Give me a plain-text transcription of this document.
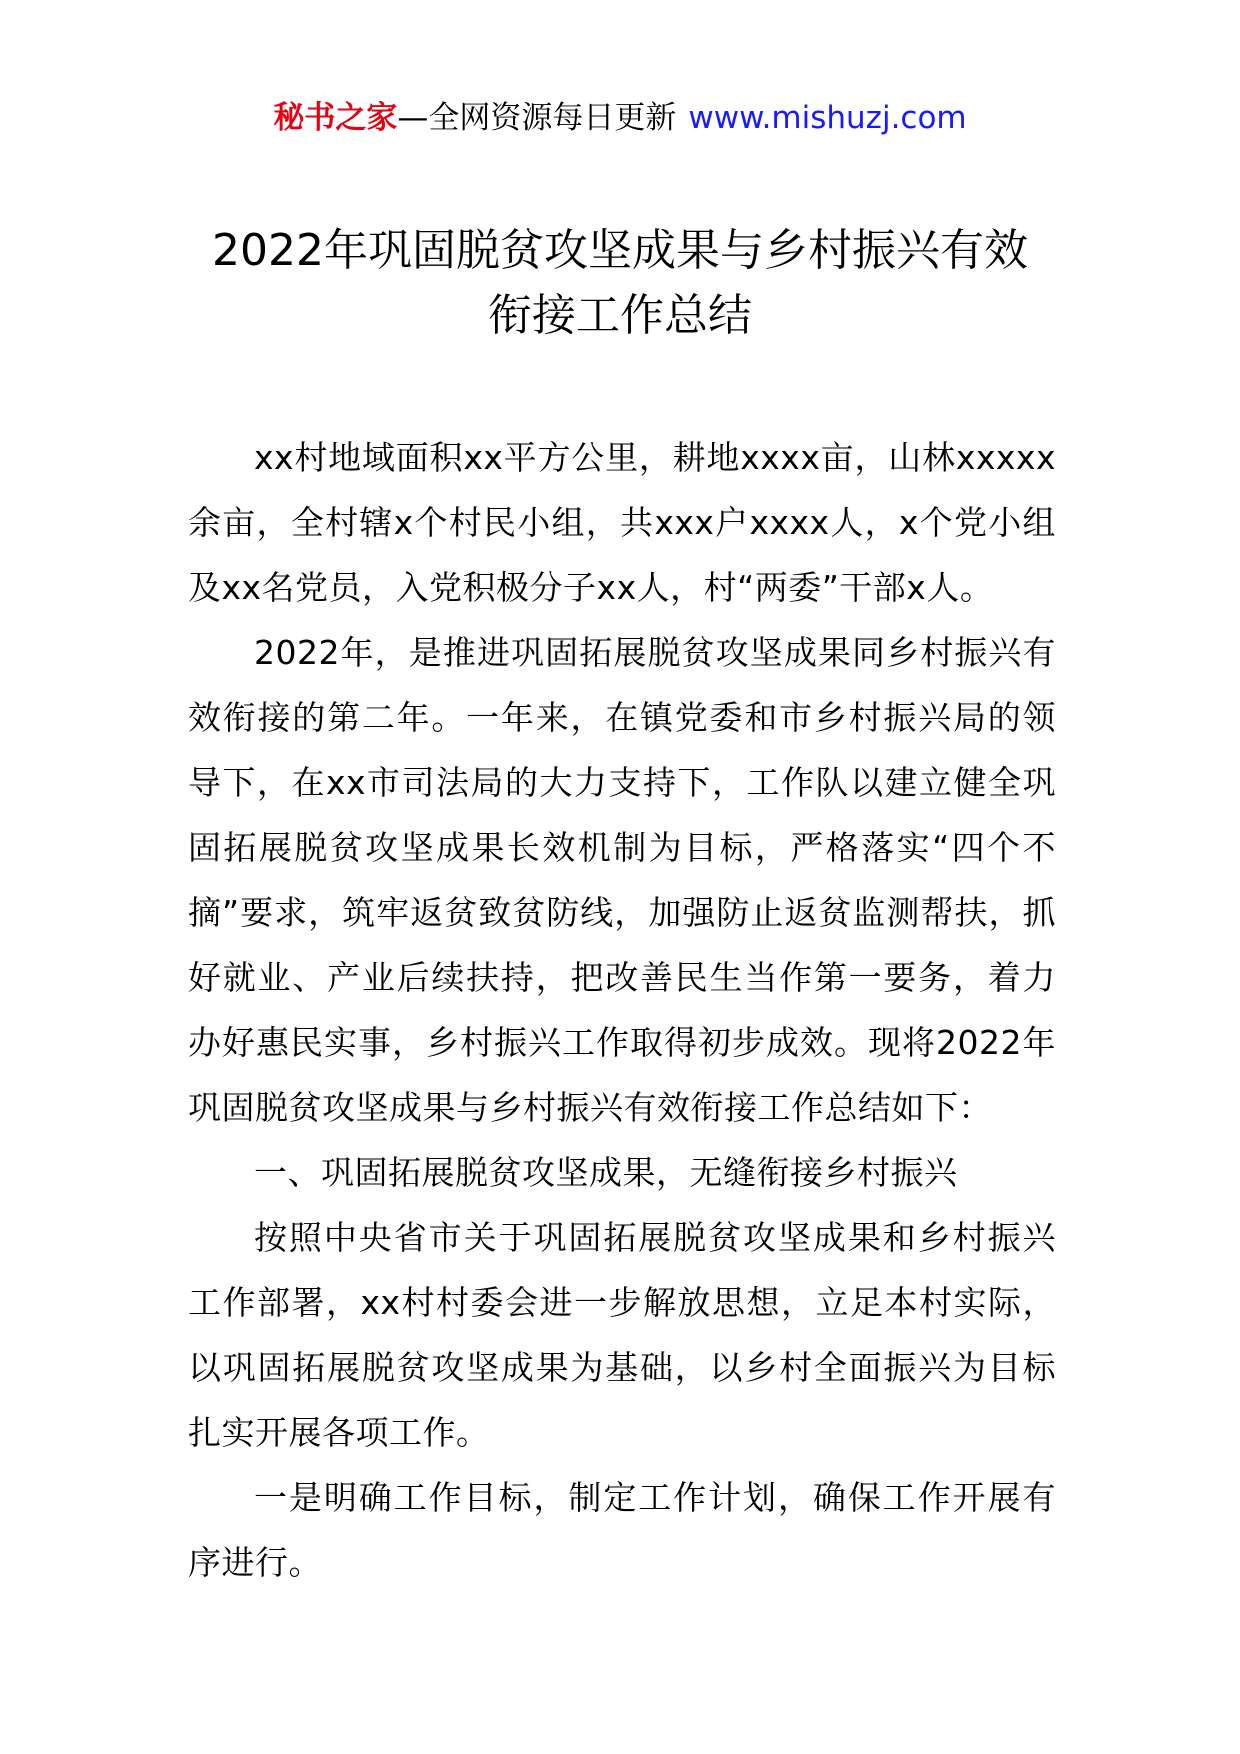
秘书之家—全网资源每日更新 www.mishuzj.com
2022年巩固脱贫攻坚成果与乡村振兴有效
衔接工作总结

xx村地域面积xx平方公里，耕地xxxx亩，山林xxxxx余亩，全村辖x个村民小组，共xxx户xxxx人，x个党小组及xx名党员，入党积极分子xx人，村“两委”干部x人。

2022年，是推进巩固拓展脱贫攻坚成果同乡村振兴有效衔接的第二年。一年来，在镇党委和市乡村振兴局的领导下，在xx市司法局的大力支持下，工作队以建立健全巩固拓展脱贫攻坚成果长效机制为目标，严格落实“四个不摘”要求，筑牢返贫致贫防线，加强防止返贫监测帮扶，抓好就业、产业后续扶持，把改善民生当作第一要务，着力办好惠民实事，乡村振兴工作取得初步成效。现将2022年巩固脱贫攻坚成果与乡村振兴有效衔接工作总结如下：

一、巩固拓展脱贫攻坚成果，无缝衔接乡村振兴

按照中央省市关于巩固拓展脱贫攻坚成果和乡村振兴工作部署，xx村村委会进一步解放思想，立足本村实际，以巩固拓展脱贫攻坚成果为基础，以乡村全面振兴为目标扎实开展各项工作。

一是明确工作目标，制定工作计划，确保工作开展有序进行。
